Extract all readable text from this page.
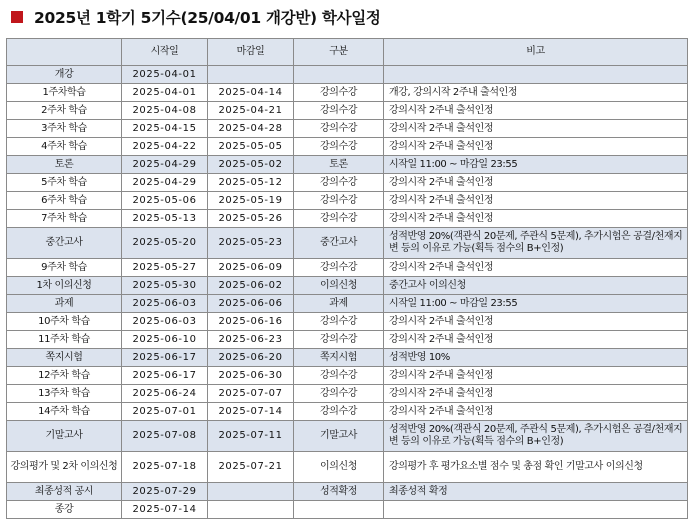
2025년 1학기 5기수(25/04/01 개강반) 학사일정
	시작일	마감일	구분	비고
개강	2025-04-01			
1주차학습	2025-04-01	2025-04-14	강의수강	개강, 강의시작 2주내 출석인정
2주차 학습	2025-04-08	2025-04-21	강의수강	강의시작 2주내 출석인정
3주차 학습	2025-04-15	2025-04-28	강의수강	강의시작 2주내 출석인정
4주차 학습	2025-04-22	2025-05-05	강의수강	강의시작 2주내 출석인정
토론	2025-04-29	2025-05-02	토론	시작일 11:00 ~ 마감일 23:55
5주차 학습	2025-04-29	2025-05-12	강의수강	강의시작 2주내 출석인정
6주차 학습	2025-05-06	2025-05-19	강의수강	강의시작 2주내 출석인정
7주차 학습	2025-05-13	2025-05-26	강의수강	강의시작 2주내 출석인정
중간고사	2025-05-20	2025-05-23	중간고사	성적반영 20%(객관식 20문제, 주관식 5문제), 추가시험은 공결/천재지변 등의 이유로 가능(획득 점수의 B+인정)
9주차 학습	2025-05-27	2025-06-09	강의수강	강의시작 2주내 출석인정
1차 이의신청	2025-05-30	2025-06-02	이의신청	중간고사 이의신청
과제	2025-06-03	2025-06-06	과제	시작일 11:00 ~ 마감일 23:55
10주차 학습	2025-06-03	2025-06-16	강의수강	강의시작 2주내 출석인정
11주차 학습	2025-06-10	2025-06-23	강의수강	강의시작 2주내 출석인정
쪽지시험	2025-06-17	2025-06-20	쪽지시험	성적반영 10%
12주차 학습	2025-06-17	2025-06-30	강의수강	강의시작 2주내 출석인정
13주차 학습	2025-06-24	2025-07-07	강의수강	강의시작 2주내 출석인정
14주차 학습	2025-07-01	2025-07-14	강의수강	강의시작 2주내 출석인정
기말고사	2025-07-08	2025-07-11	기말고사	성적반영 20%(객관식 20문제, 주관식 5문제), 추가시험은 공결/천재지변 등의 이유로 가능(획득 점수의 B+인정)
강의평가 및 2차 이의신청	2025-07-18	2025-07-21	이의신청	강의평가 후 평가요소별 점수 및 총점 확인 기말고사 이의신청
최종성적 공시	2025-07-29		성적확정	최종성적 확정
종강	2025-07-14			
